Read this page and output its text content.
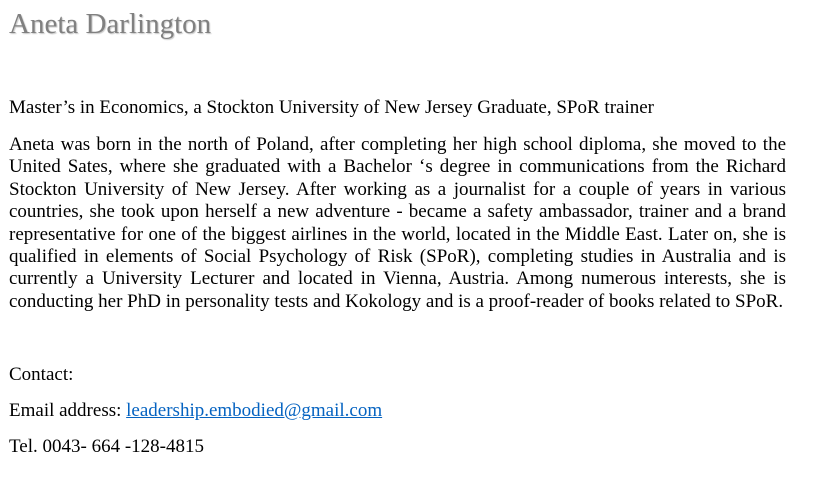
Aneta Darlington

Master’s in Economics, a Stockton University of New Jersey Graduate, SPoR trainer

Aneta was born in the north of Poland, after completing her high school diploma, she moved to the United Sates, where she graduated with a Bachelor ‘s degree in communications from the Richard Stockton University of New Jersey. After working as a journalist for a couple of years in various countries, she took upon herself a new adventure - became a safety ambassador, trainer and a brand representative for one of the biggest airlines in the world, located in the Middle East. Later on, she is qualified in elements of Social Psychology of Risk (SPoR), completing studies in Australia and is currently a University Lecturer and located in Vienna, Austria. Among numerous interests, she is conducting her PhD in personality tests and Kokology and is a proof-reader of books related to SPoR.

Contact:

Email address: leadership.embodied@gmail.com

Tel. 0043- 664 -128-4815
